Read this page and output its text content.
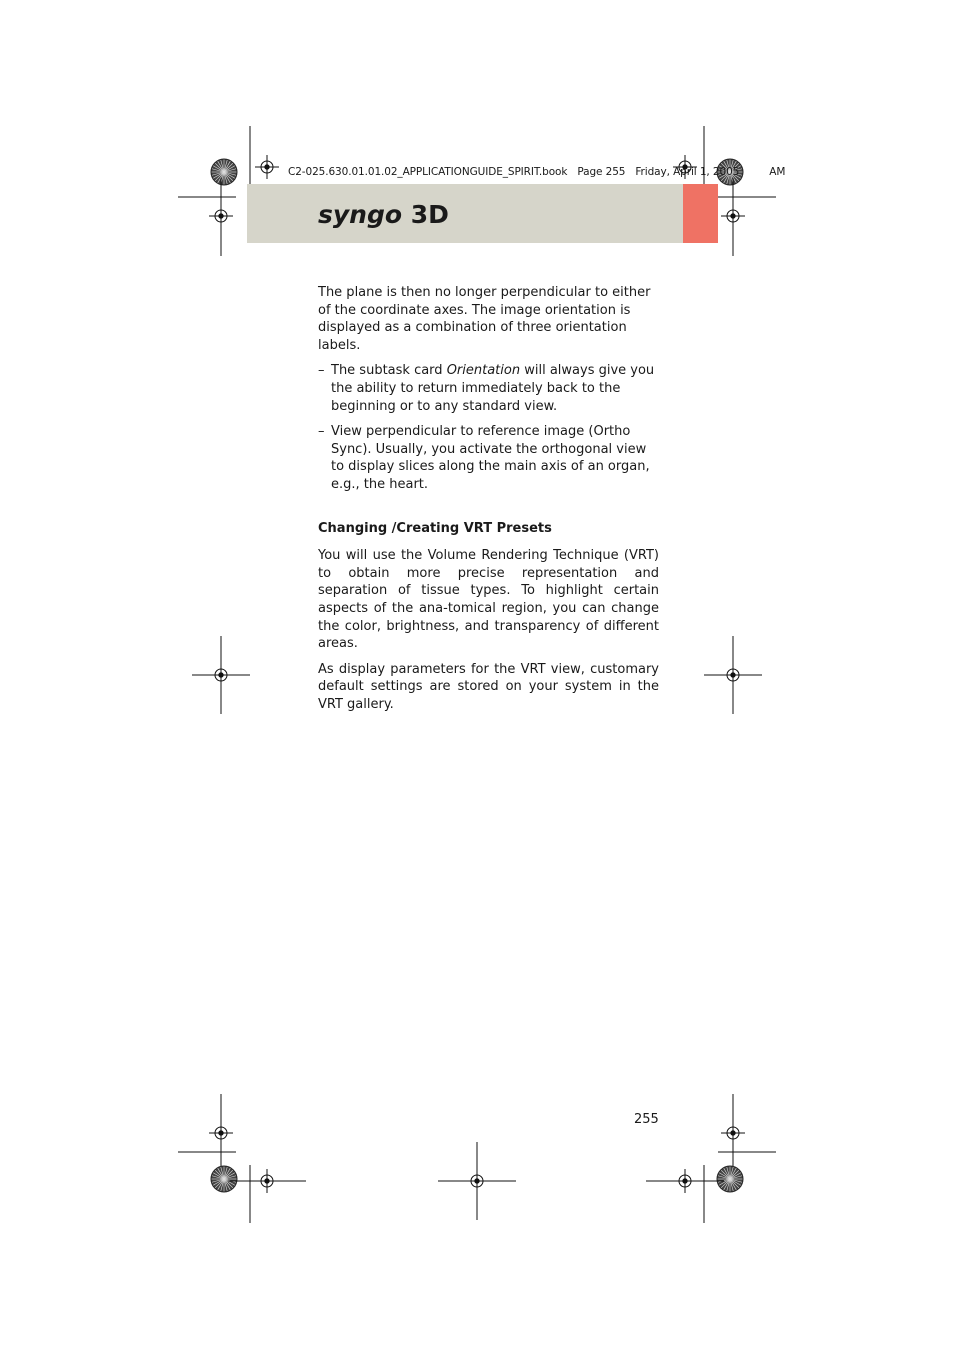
C2-025.630.01.01.02_APPLICATIONGUIDE_SPIRIT.book Page 255 Friday, April 1, 2005	AM
syngo 3D

The plane is then no longer perpendicular to either of the coordinate axes. The image orientation is displayed as a combination of three orientation labels.

– The subtask card Orientation will always give you the ability to return immediately back to the beginning or to any standard view.

– View perpendicular to reference image (Ortho Sync). Usually, you activate the orthogonal view to display slices along the main axis of an organ, e.g., the heart.

Changing /Creating VRT Presets

You will use the Volume Rendering Technique (VRT) to obtain more precise representation and separation of tissue types. To highlight certain aspects of the ana-tomical region, you can change the color, brightness, and transparency of different areas.

As display parameters for the VRT view, customary default settings are stored on your system in the VRT gallery.

255
